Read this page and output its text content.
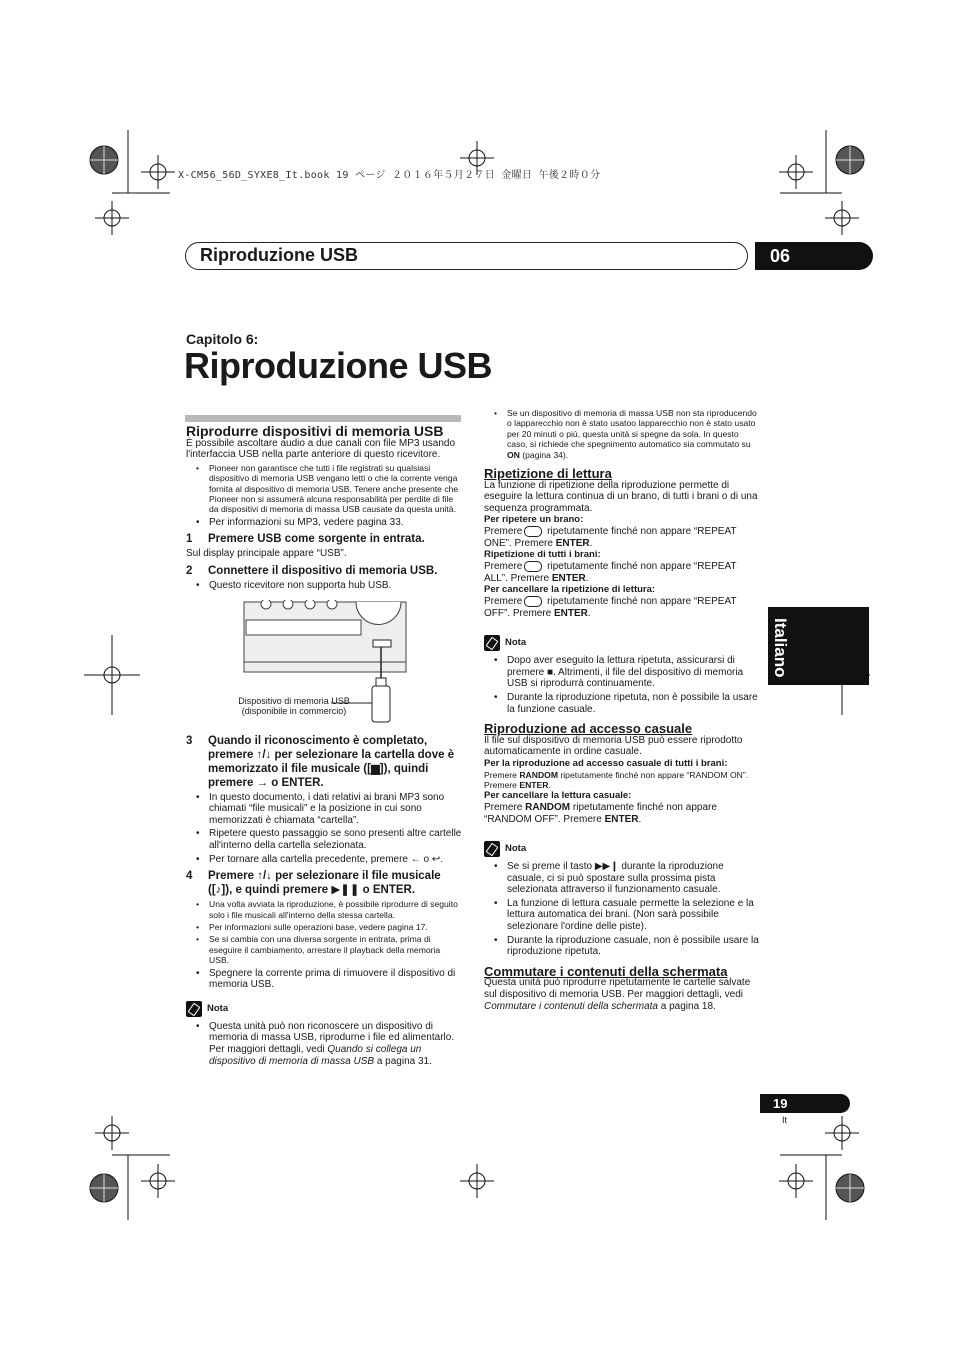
X-CM56_56D_SYXE8_It.book 19 ページ ２０１６年５月２７日 金曜日 午後２時０分
Riproduzione USB	06
Capitolo 6:
Riproduzione USB
Italiano
19
It

Riprodurre dispositivi di memoria USB

È possibile ascoltare audio a due canali con file MP3 usando l'interfaccia USB nella parte anteriore di questo ricevitore.

• Pioneer non garantisce che tutti i file registrati su qualsiasi dispositivo di memoria USB vengano letti o che la corrente venga fornita al dispositivo di memoria USB. Tenere anche presente che Pioneer non si assumerà alcuna responsabilità per perdite di file da dispositivi di memoria di massa USB causate da questa unità.
• Per informazioni su MP3, vedere pagina 33.
1	Premere USB come sorgente in entrata.

Sul display principale appare “USB”.

2	Connettere il dispositivo di memoria USB.
• Questo ricevitore non supporta hub USB.
Dispositivo di memoria USB
(disponibile in commercio)
3	Quando il riconoscimento è completato, premere ↑/↓ per selezionare la cartella dove è memorizzato il file musicale ([▆]), quindi premere → o ENTER.
• In questo documento, i dati relativi ai brani MP3 sono chiamati “file musicali” e la posizione in cui sono memorizzati è chiamata “cartella”.
• Ripetere questo passaggio se sono presenti altre cartelle all'interno della cartella selezionata.
• Per tornare alla cartella precedente, premere ← o ↩.
4	Premere ↑/↓ per selezionare il file musicale ([♪]), e quindi premere ▶❚❚ o ENTER.
• Una volta avviata la riproduzione, è possibile riprodurre di seguito solo i file musicali all'interno della stessa cartella.
• Per informazioni sulle operazioni base, vedere pagina 17.
• Se si cambia con una diversa sorgente in entrata, prima di eseguire il cambiamento, arrestare il playback della memoria USB.
• Spegnere la corrente prima di rimuovere il dispositivo di memoria USB.
Nota
• Questa unità può non riconoscere un dispositivo di memoria di massa USB, riprodurne i file ed alimentarlo. Per maggiori dettagli, vedi Quando si collega un dispositivo di memoria di massa USB a pagina 31.
• Se un dispositivo di memoria di massa USB non sta riproducendo o lapparecchio non è stato usatoo lapparecchio non è stato usato per 20 minuti o più, questa unità si spegne da sola. In questo caso, si richiede che spegnimento automatico sia commutato su ON (pagina 34).

Ripetizione di lettura

La funzione di ripetizione della riproduzione permette di eseguire la lettura continua di un brano, di tutti i brani o di una sequenza programmata.

Per ripetere un brano:

Premere ripetutamente finché non appare “REPEAT ONE”. Premere ENTER.

Ripetizione di tutti i brani:

Premere ripetutamente finché non appare “REPEAT ALL”. Premere ENTER.

Per cancellare la ripetizione di lettura:

Premere ripetutamente finché non appare “REPEAT OFF”. Premere ENTER.

Nota
• Dopo aver eseguito la lettura ripetuta, assicurarsi di premere ■. Altrimenti, il file del dispositivo di memoria USB si riprodurrà continuamente.
• Durante la riproduzione ripetuta, non è possibile la usare la funzione casuale.

Riproduzione ad accesso casuale

Il file sul dispositivo di memoria USB può essere riprodotto automaticamente in ordine casuale.

Per la riproduzione ad accesso casuale di tutti i brani:

Premere RANDOM ripetutamente finché non appare “RANDOM ON”. Premere ENTER.

Per cancellare la lettura casuale:

Premere RANDOM ripetutamente finché non appare “RANDOM OFF”. Premere ENTER.

Nota
• Se si preme il tasto ▶▶❙ durante la riproduzione casuale, ci si può spostare sulla prossima pista selezionata attraverso il funzionamento casuale.
• La funzione di lettura casuale permette la selezione e la lettura automatica dei brani. (Non sarà possibile selezionare l'ordine delle piste).
• Durante la riproduzione casuale, non è possibile usare la riproduzione ripetuta.

Commutare i contenuti della schermata

Questa unità può riprodurre ripetutamente le cartelle salvate sul dispositivo di memoria USB. Per maggiori dettagli, vedi Commutare i contenuti della schermata a pagina 18.
